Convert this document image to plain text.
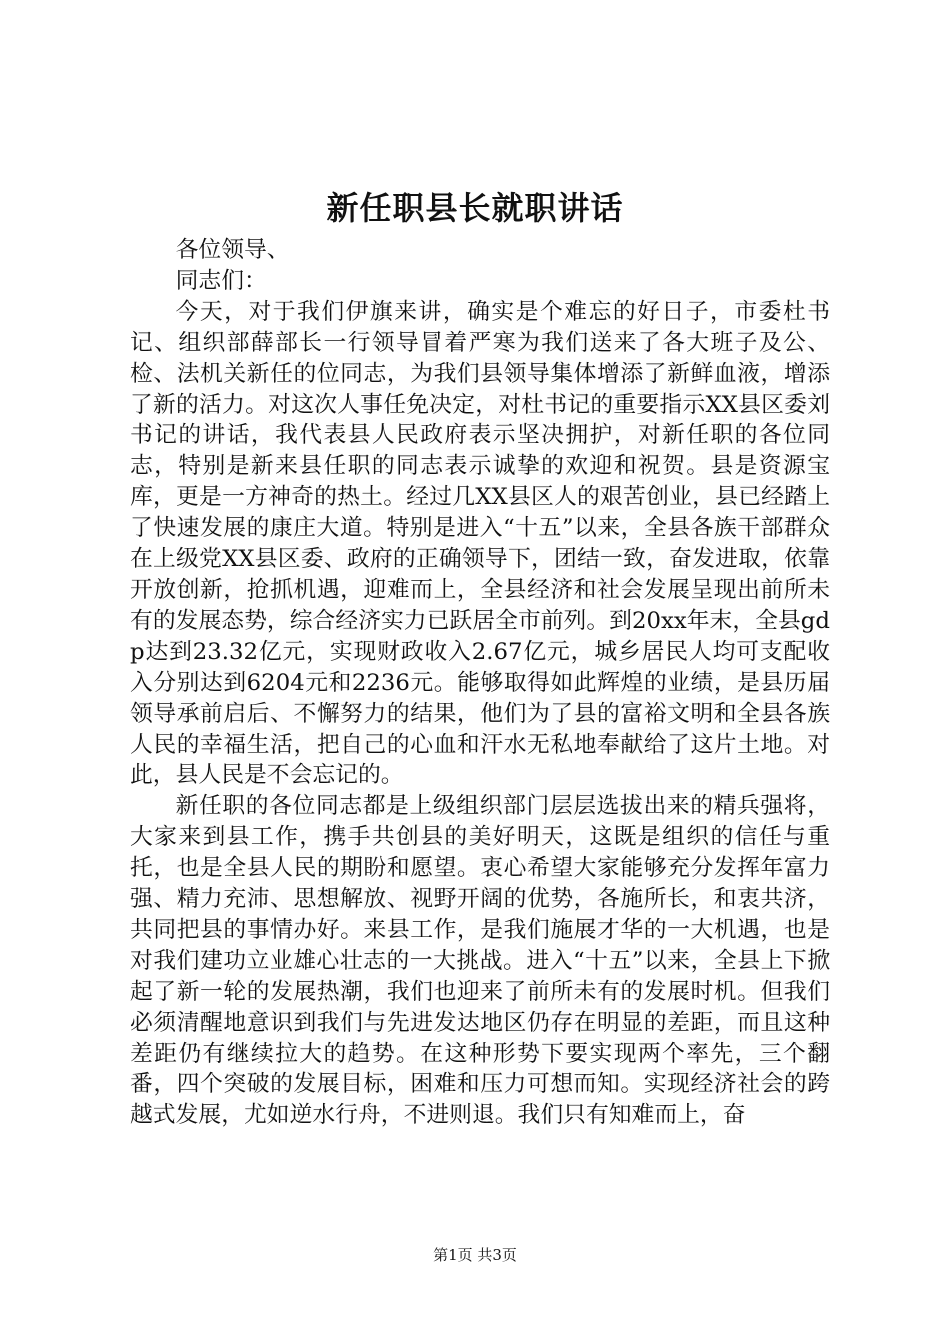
新任职县长就职讲话

各位领导、

同志们：

今天，对于我们伊旗来讲，确实是个难忘的好日子，市委杜书记、组织部薛部长一行领导冒着严寒为我们送来了各大班子及公、检、法机关新任的位同志，为我们县领导集体增添了新鲜血液，增添了新的活力。对这次人事任免决定，对杜书记的重要指示XX县区委刘书记的讲话，我代表县人民政府表示坚决拥护，对新任职的各位同志，特别是新来县任职的同志表示诚挚的欢迎和祝贺。县是资源宝库，更是一方神奇的热土。经过几XX县区人的艰苦创业，县已经踏上了快速发展的康庄大道。特别是进入“十五”以来，全县各族干部群众在上级党XX县区委、政府的正确领导下，团结一致，奋发进取，依靠开放创新，抢抓机遇，迎难而上，全县经济和社会发展呈现出前所未有的发展态势，综合经济实力已跃居全市前列。到20xx年末，全县gdp达到23.32亿元，实现财政收入2.67亿元，城乡居民人均可支配收入分别达到6204元和2236元。能够取得如此辉煌的业绩，是县历届领导承前启后、不懈努力的结果，他们为了县的富裕文明和全县各族人民的幸福生活，把自己的心血和汗水无私地奉献给了这片土地。对此，县人民是不会忘记的。

新任职的各位同志都是上级组织部门层层选拔出来的精兵强将，大家来到县工作，携手共创县的美好明天，这既是组织的信任与重托，也是全县人民的期盼和愿望。衷心希望大家能够充分发挥年富力强、精力充沛、思想解放、视野开阔的优势，各施所长，和衷共济，共同把县的事情办好。来县工作，是我们施展才华的一大机遇，也是对我们建功立业雄心壮志的一大挑战。进入“十五”以来，全县上下掀起了新一轮的发展热潮，我们也迎来了前所未有的发展时机。但我们必须清醒地意识到我们与先进发达地区仍存在明显的差距，而且这种差距仍有继续拉大的趋势。在这种形势下要实现两个率先，三个翻番，四个突破的发展目标，困难和压力可想而知。实现经济社会的跨越式发展，尤如逆水行舟，不进则退。我们只有知难而上，奋

第1页 共3页
